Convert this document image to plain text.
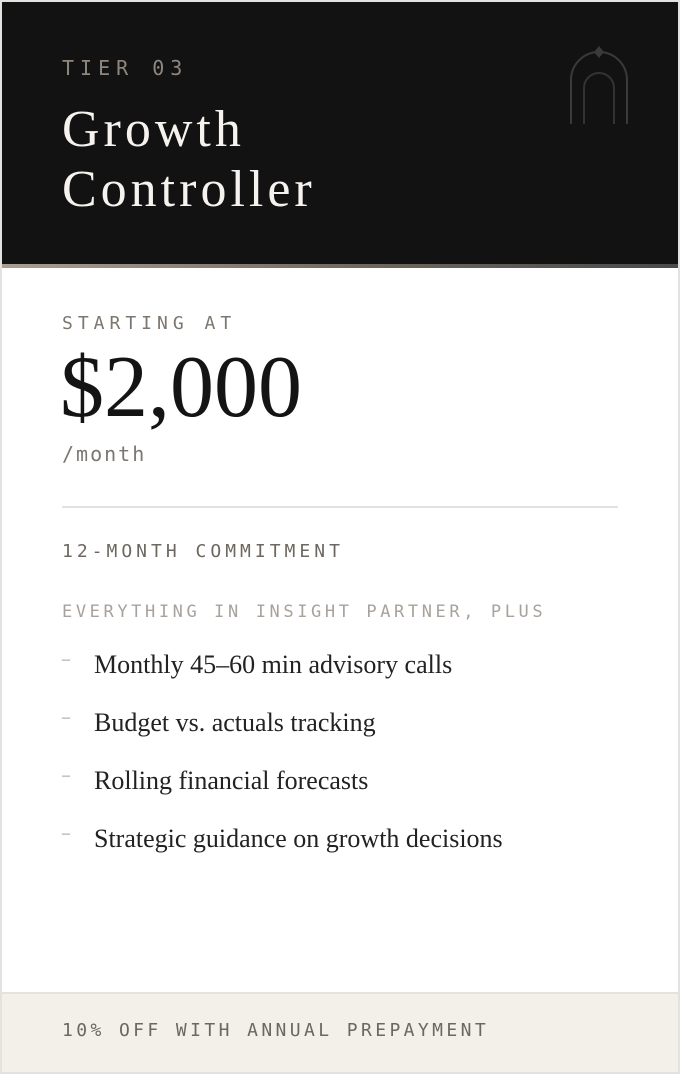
TIER 03
Growth
Controller
STARTING AT
$2,000
/month
12-MONTH COMMITMENT
EVERYTHING IN INSIGHT PARTNER, PLUS
– Monthly 45–60 min advisory calls
– Budget vs. actuals tracking
– Rolling financial forecasts
– Strategic guidance on growth decisions
10% OFF WITH ANNUAL PREPAYMENT
